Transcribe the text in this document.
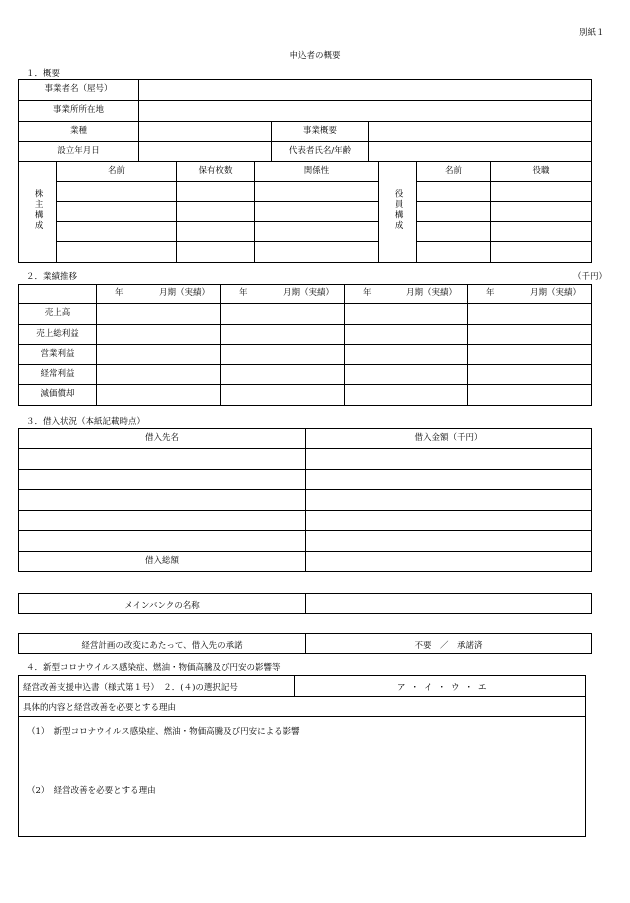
別紙１
申込者の概要
１．概要
事業者名（屋号）			
事業所所在地			
業種		事業概要	
設立年月日		代表者氏名/年齢	
株主構成	名前	保有枚数	関係性	役員構成	名前	役職

２．業績推移	（千円）

	年 月期（実績）	年 月期（実績）	年 月期（実績）	年 月期（実績）

売上高				
売上総利益				
営業利益				
経常利益				
減価償却				
３．借入状況（本紙記載時点）
借入先名	借入金額（千円）

借入総額	
メインバンクの名称	
経営計画の改変にあたって、借入先の承諾	不要　／　承諾済
４．新型コロナウイルス感染症、燃油・物価高騰及び円安の影響等
経営改善支援申込書（様式第１号）　２．(４)の選択記号	ア・イ・ウ・エ
具体的内容と経営改善を必要とする理由
（1）　新型コロナウイルス感染症、燃油・物価高騰及び円安による影響
（2）　経営改善を必要とする理由
